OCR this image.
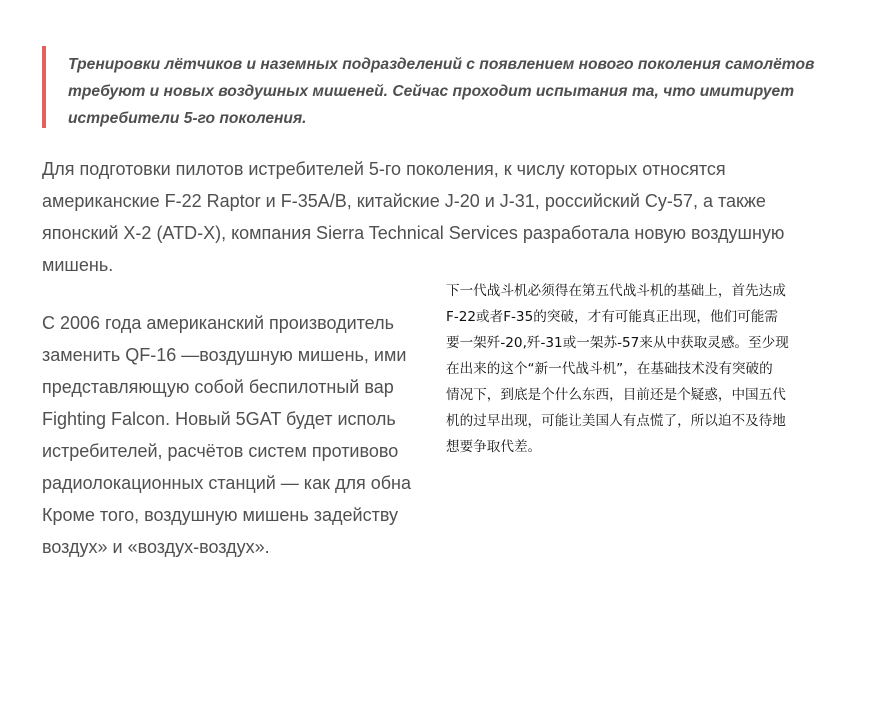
Тренировки лётчиков и наземных подразделений с появлением нового поколения самолётов требуют и новых воздушных мишеней. Сейчас проходит испытания та, что имитирует истребители 5-го поколения.

Для подготовки пилотов истребителей 5-го поколения, к числу которых относятся
американские F-22 Raptor и F-35A/B, китайские J-20 и J-31, российский Су-57, а также
японский X-2 (ATD-X), компания Sierra Technical Services разработала новую воздушную
мишень.

С 2006 года американский производитель
заменить QF-16 —воздушную мишень, ими
представляющую собой беспилотный вар
Fighting Falcon. Новый 5GAT будет исполь
истребителей, расчётов систем противово
радиолокационных станций — как для обна
Кроме того, воздушную мишень задейству
воздух» и «воздух-воздух».

下一代战斗机必须得在第五代战斗机的基础上，首先达成
F-22或者F-35的突破，才有可能真正出现，他们可能需
要一架歼-20,歼-31或一架苏-57来从中获取灵感。至少现
在出来的这个“新一代战斗机”，在基础技术没有突破的
情况下，到底是个什么东西，目前还是个疑惑，中国五代
机的过早出现，可能让美国人有点慌了，所以迫不及待地
想要争取代差。
